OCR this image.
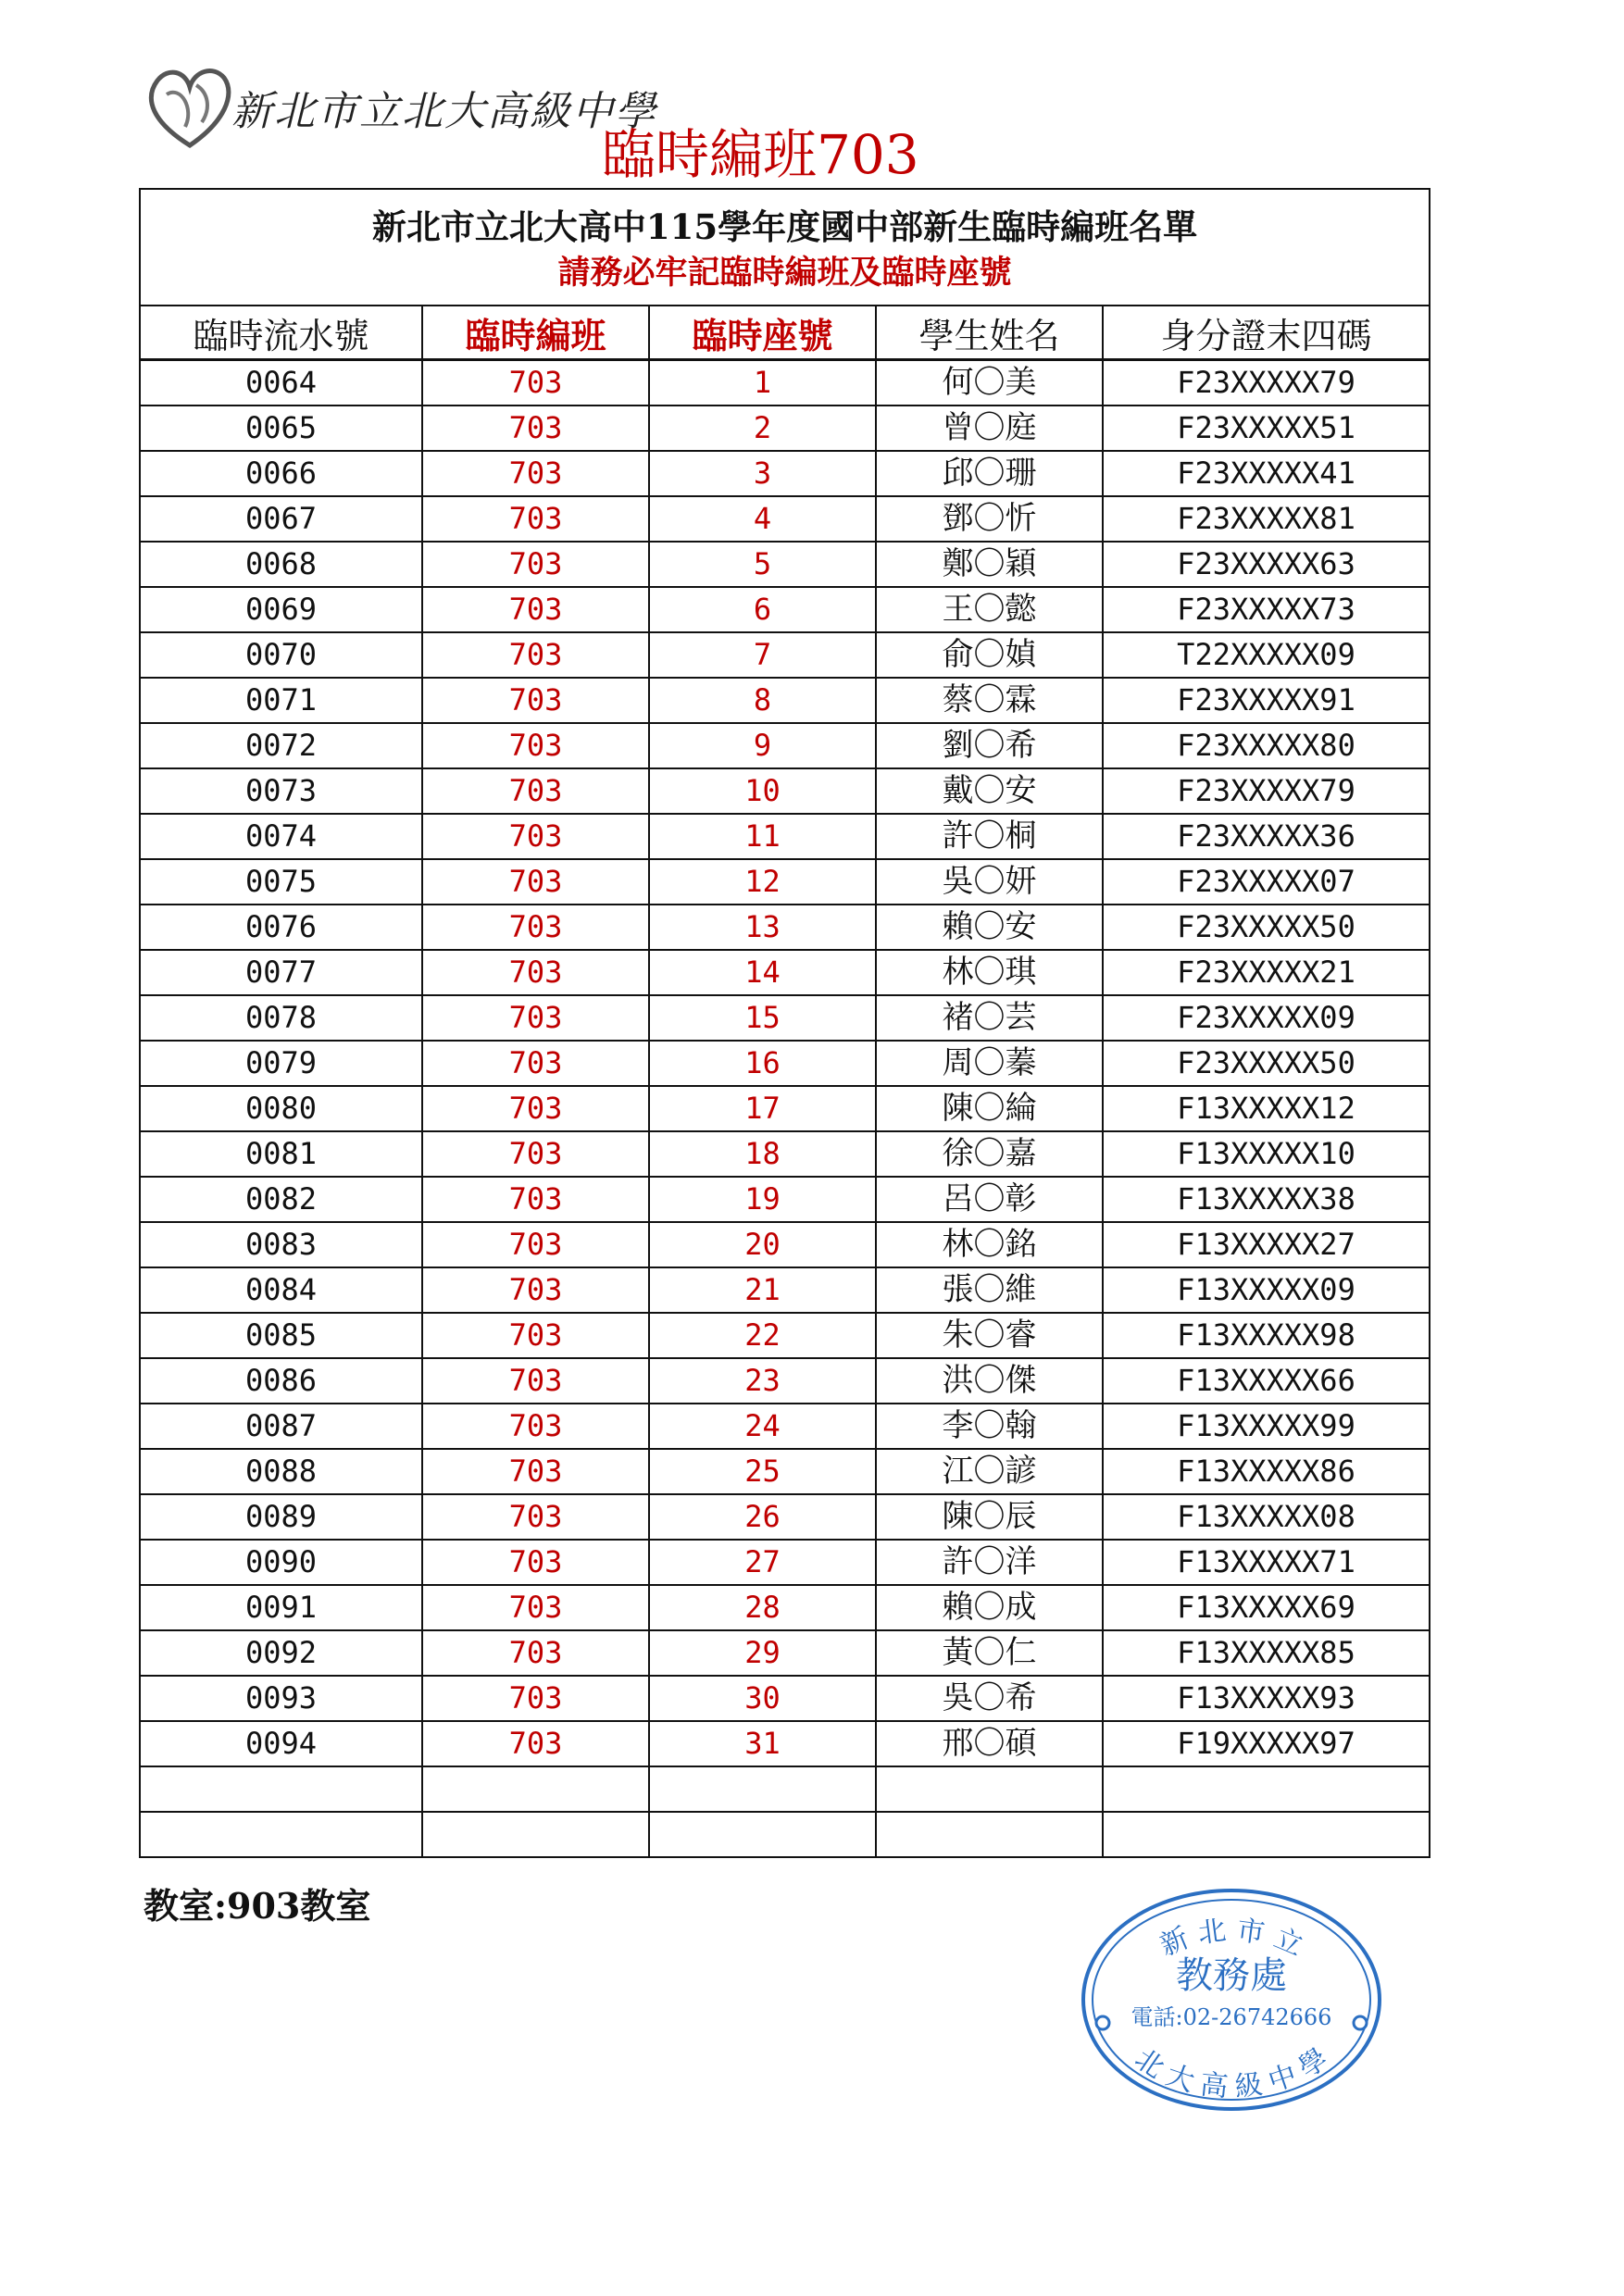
新北市立北大高級中學
臨時編班703
新北市立北大高中115學年度國中部新生臨時編班名單
請務必牢記臨時編班及臨時座號
臨時流水號	臨時編班	臨時座號	學生姓名	身分證末四碼
0064	703	1	何〇美	F23XXXXX79
0065	703	2	曾〇庭	F23XXXXX51
0066	703	3	邱〇珊	F23XXXXX41
0067	703	4	鄧〇忻	F23XXXXX81
0068	703	5	鄭〇穎	F23XXXXX63
0069	703	6	王〇懿	F23XXXXX73
0070	703	7	俞〇媜	T22XXXXX09
0071	703	8	蔡〇霖	F23XXXXX91
0072	703	9	劉〇希	F23XXXXX80
0073	703	10	戴〇安	F23XXXXX79
0074	703	11	許〇桐	F23XXXXX36
0075	703	12	吳〇妍	F23XXXXX07
0076	703	13	賴〇安	F23XXXXX50
0077	703	14	林〇琪	F23XXXXX21
0078	703	15	褚〇芸	F23XXXXX09
0079	703	16	周〇蓁	F23XXXXX50
0080	703	17	陳〇綸	F13XXXXX12
0081	703	18	徐〇嘉	F13XXXXX10
0082	703	19	呂〇彰	F13XXXXX38
0083	703	20	林〇銘	F13XXXXX27
0084	703	21	張〇維	F13XXXXX09
0085	703	22	朱〇睿	F13XXXXX98
0086	703	23	洪〇傑	F13XXXXX66
0087	703	24	李〇翰	F13XXXXX99
0088	703	25	江〇諺	F13XXXXX86
0089	703	26	陳〇辰	F13XXXXX08
0090	703	27	許〇洋	F13XXXXX71
0091	703	28	賴〇成	F13XXXXX69
0092	703	29	黃〇仁	F13XXXXX85
0093	703	30	吳〇希	F13XXXXX93
0094	703	31	邢〇碩	F19XXXXX97

教室:903教室
新 北 市 立
北 大 高 級 中 學
教務處
電話:02-26742666
